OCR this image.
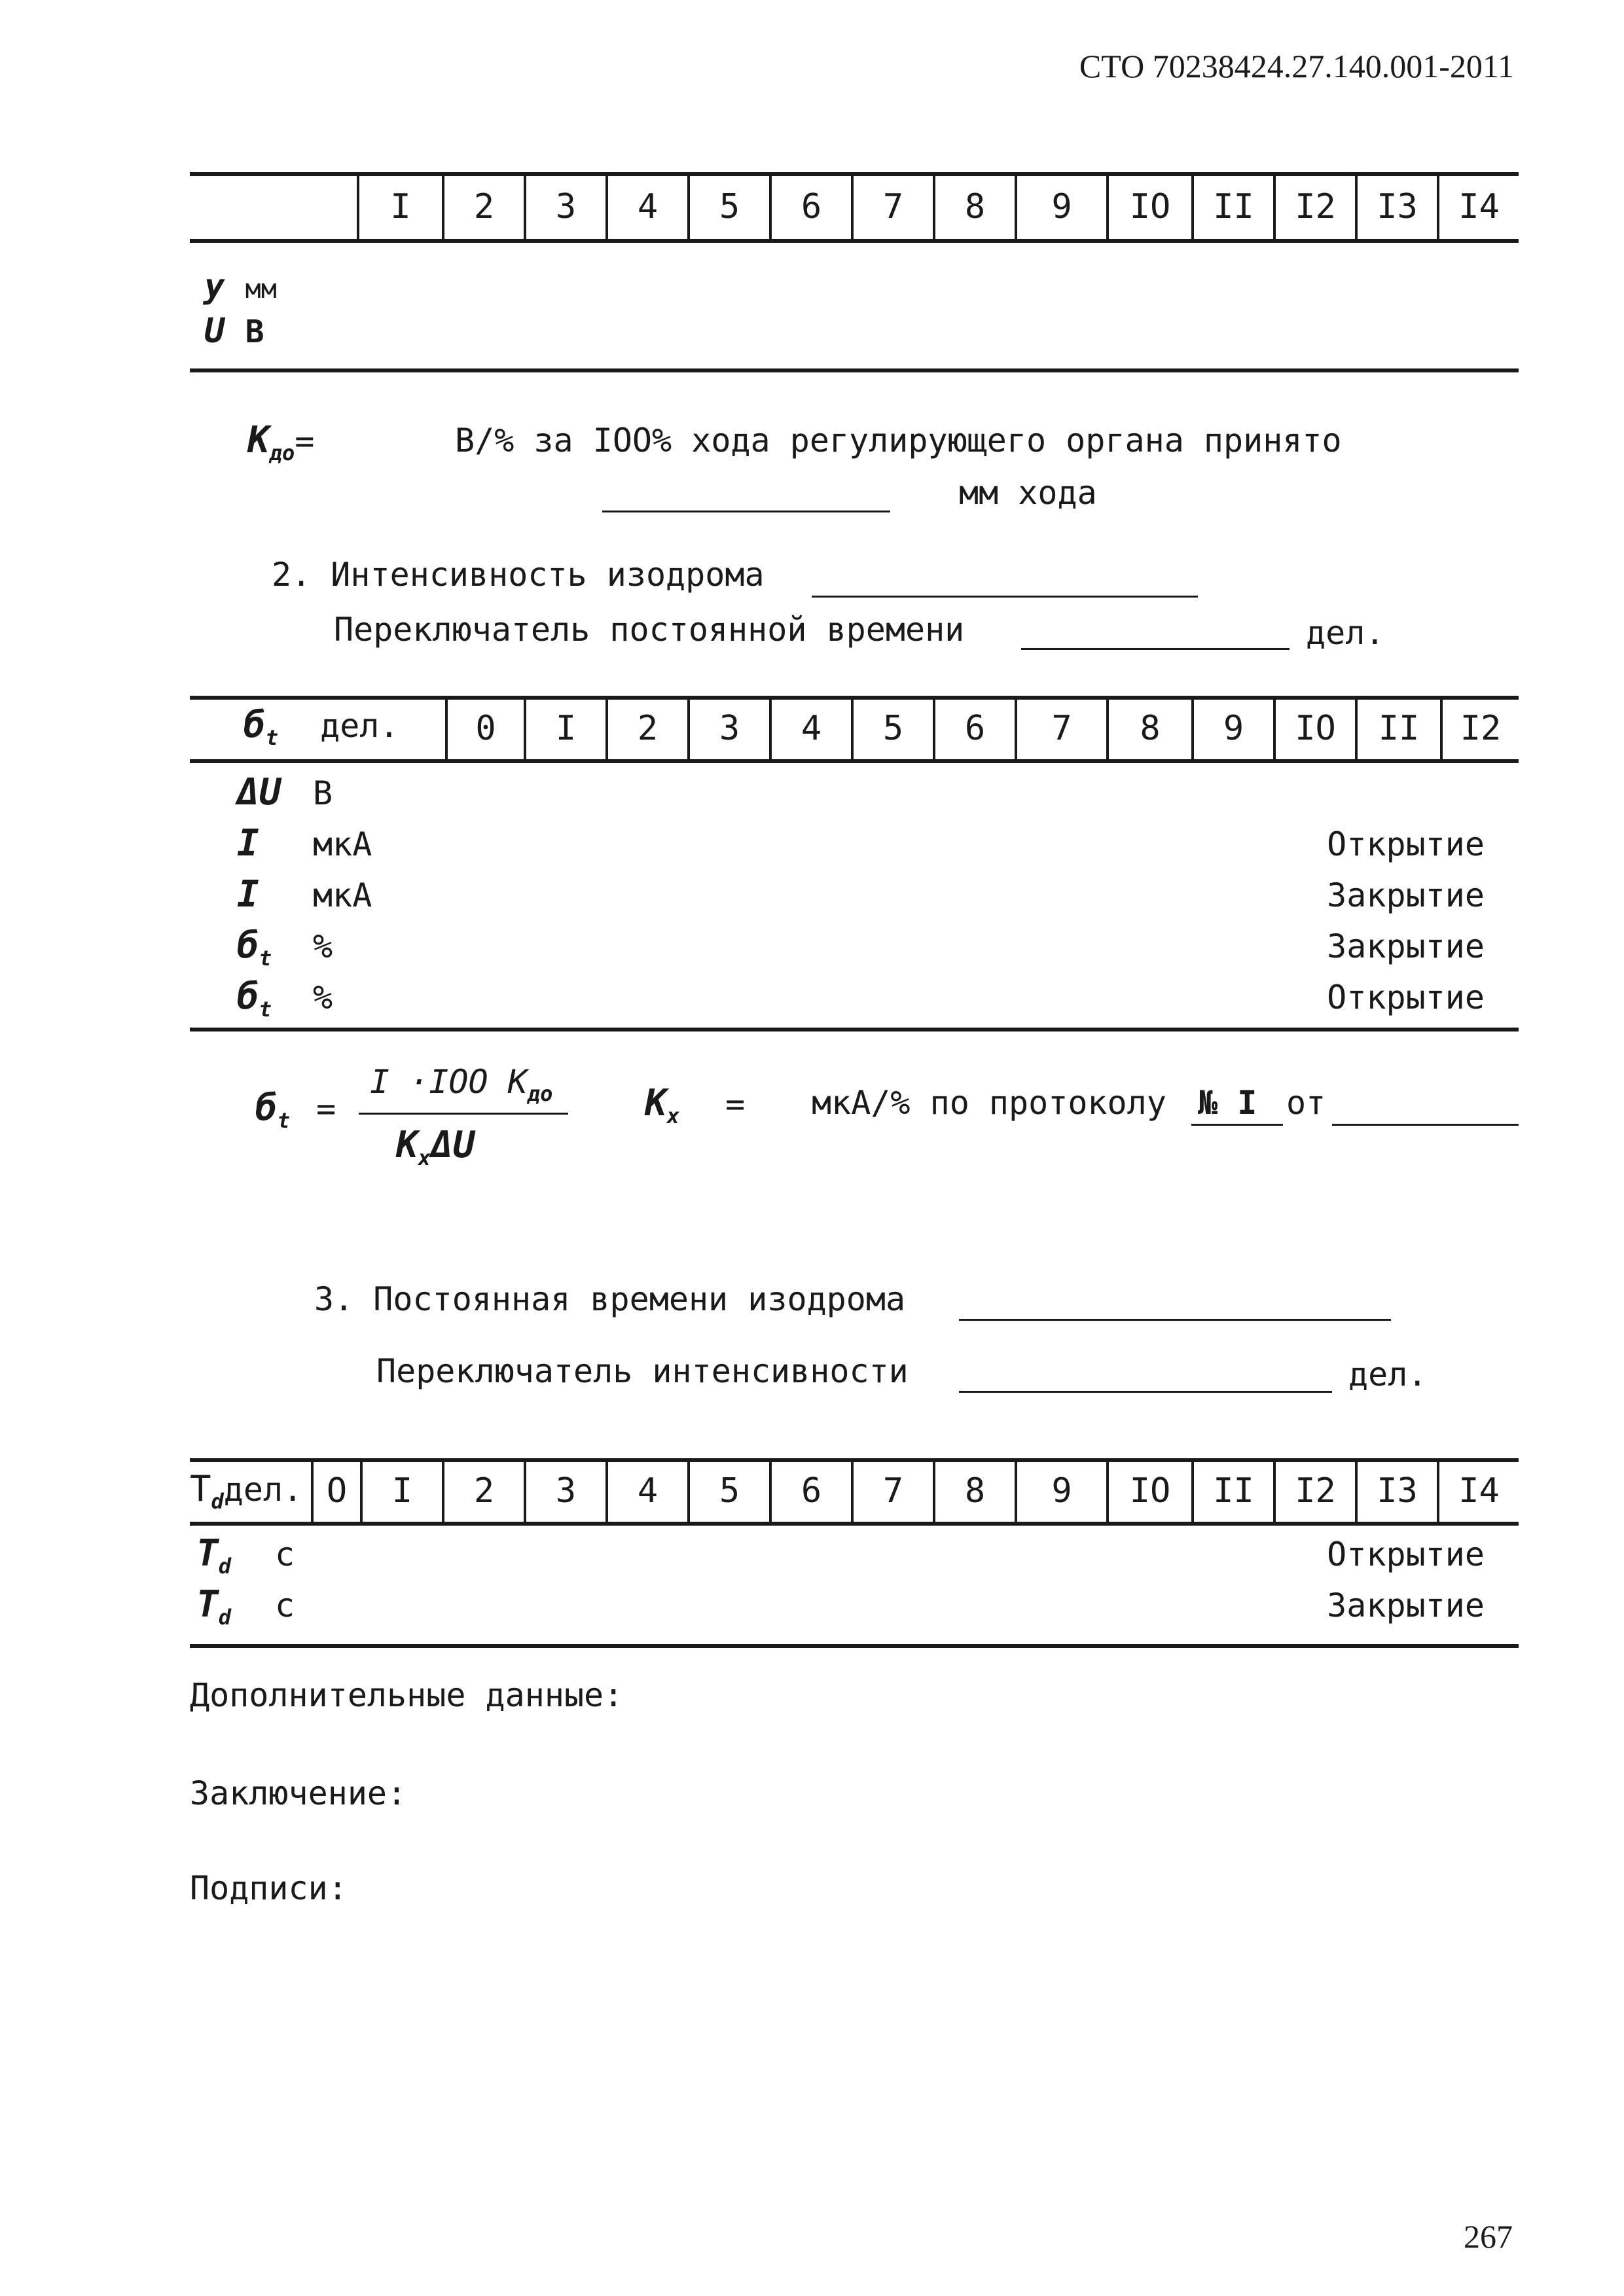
СТО 70238424.27.140.001-2011
I	2	3	4	5	6	7	8	9	IO	II	I2	I3	I4
y мм
U В
$K_{до}=$	В/% за IOO% хода регулирующего органа принято
мм хода
2. Интенсивность изодрома
Переключатель постоянной времени	дел.
$б_t$ дел.	0	I	2	3	4	5	6	7	8	9	IO	II	I2
ΔU В
I мкА	Открытие
I мкА	Закрытие
$б_t$ %	Закрытие
$б_t$ %	Открытие
$б_t$ =
I ·IOO $K_{до}$
$K_x\Delta U$
$K_x = мкА/\%$ по протоколу № I от
3. Постоянная времени изодрома
Переключатель интенсивности	дел.
$T_dдел$. O	I	2	3	4	5	6	7	8	9	IO	II	I2	I3	I4
$T_d$ с	Открытие
$T_d$ с	Закрытие
Дополнительные данные:
Заключение:
Подписи:
267
